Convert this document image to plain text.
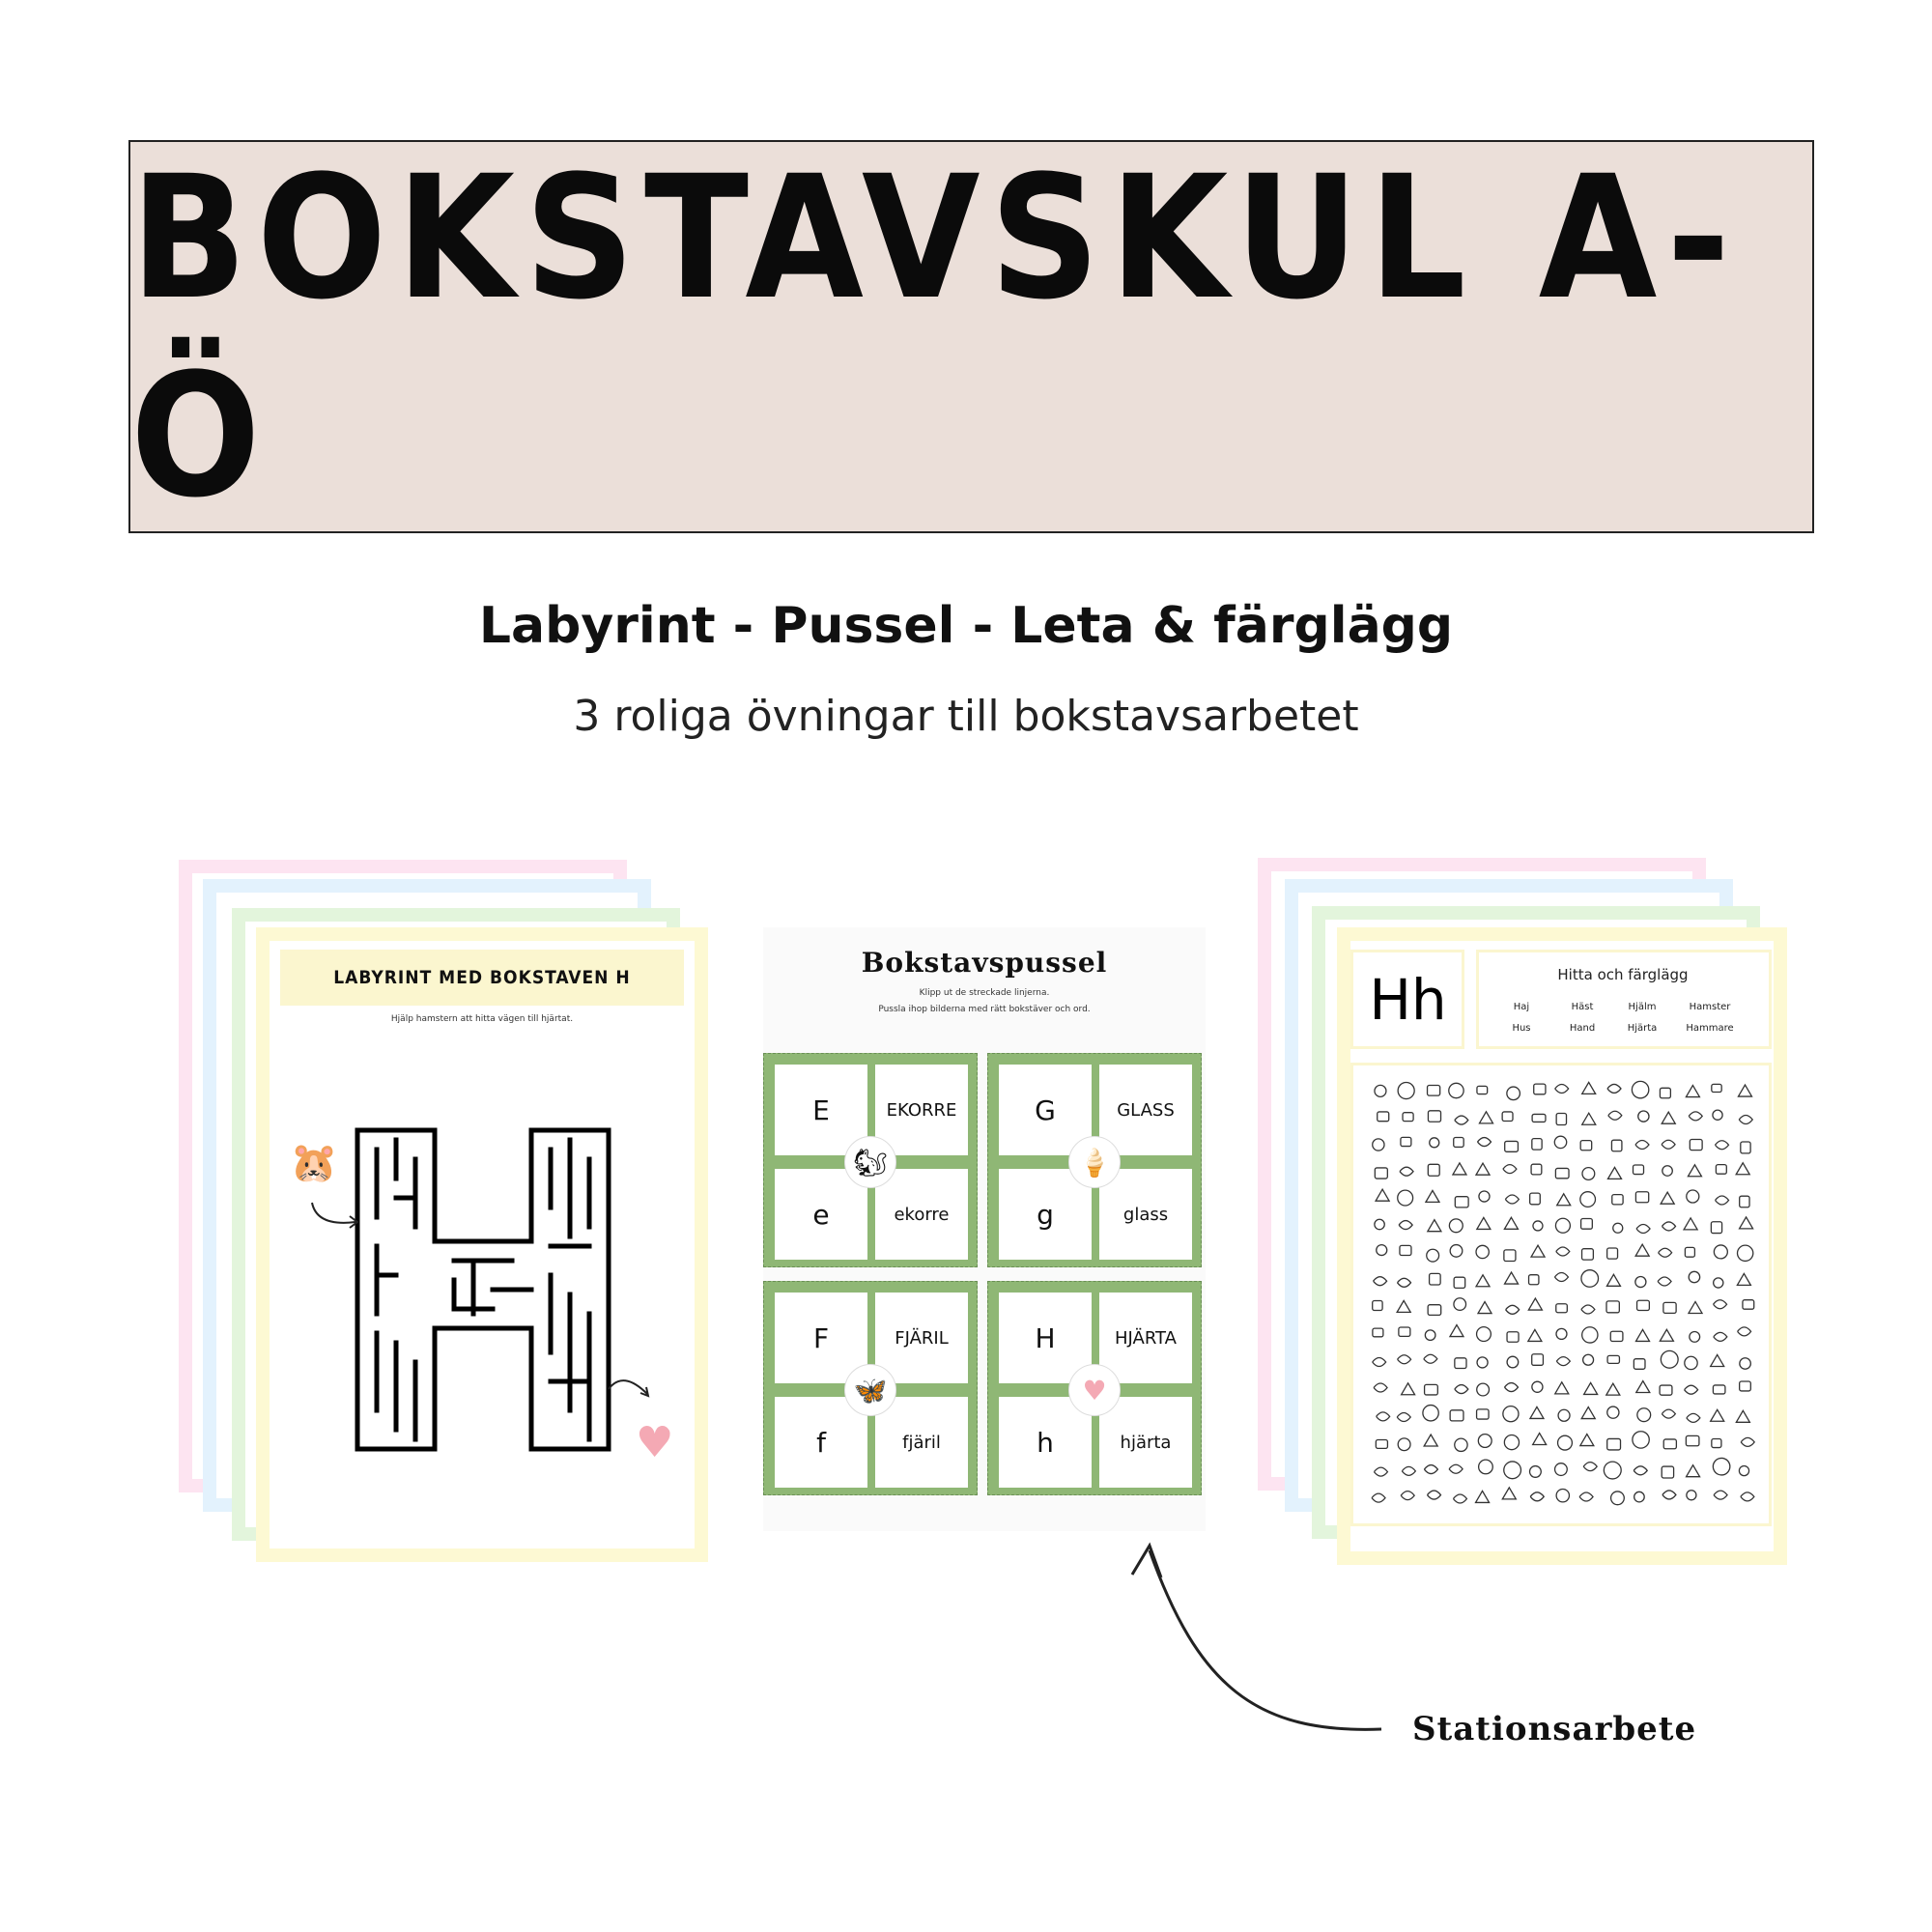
BOKSTAVSKUL A-Ö
Labyrint - Pussel - Leta & färglägg
3 roliga övningar till bokstavsarbetet
LABYRINT MED BOKSTAVEN H
Hjälp hamstern att hitta vägen till hjärtat.
🐹
♥
Bokstavspussel
Klipp ut de streckade linjerna.
Pussla ihop bilderna med rätt bokstäver och ord.
E	EKORRE
e	ekorre
🐿
G	GLASS
g	glass
🍦
F	FJÄRIL
f	fjäril
🦋
H	HJÄRTA
h	hjärta
♥
Hh	Hitta och färglägg
Haj	Häst	Hjälm	Hamster
Hus	Hand	Hjärta	Hammare
Stationsarbete
